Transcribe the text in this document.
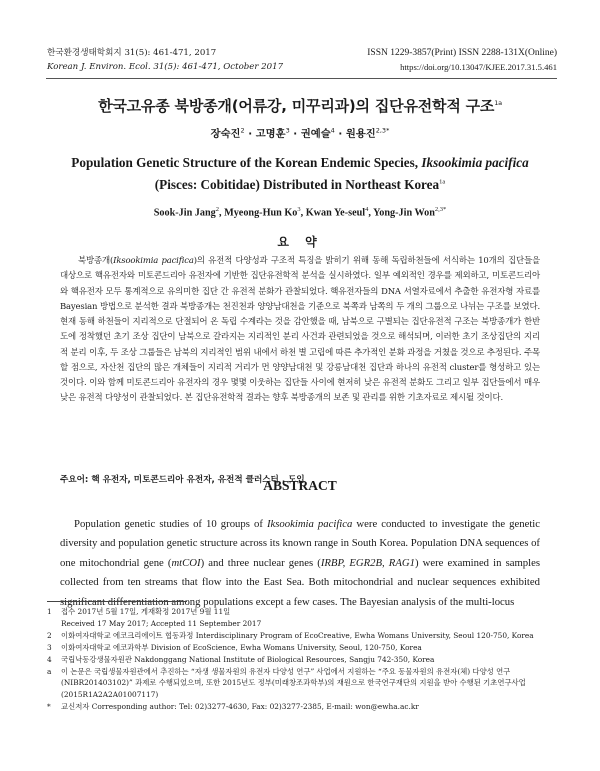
한국환경생태학회지 31(5): 461-471, 2017
Korean J. Environ. Ecol. 31(5): 461-471, October 2017
ISSN 1229-3857(Print) ISSN 2288-131X(Online)
https://doi.org/10.13047/KJEE.2017.31.5.461
한국고유종 북방종개(어류강, 미꾸리과)의 집단유전학적 구조$^{1a}$
장숙진$^2$ · 고명훈$^3$ · 권예슬$^4$ · 원용진$^{2,3*}$
Population Genetic Structure of the Korean Endemic Species, Iksookimia pacifica
(Pisces: Cobitidae) Distributed in Northeast Korea$^{1a}$
Sook-Jin Jang$^2$, Myeong-Hun Ko$^3$, Kwan Ye-seul$^4$, Yong-Jin Won$^{2,3*}$
요 약

북방종개(Iksookimia pacifica)의 유전적 다양성과 구조적 특징을 밝히기 위해 동해 독립하천들에 서식하는 10개의 집단들을 대상으로 핵유전자와 미토콘드리아 유전자에 기반한 집단유전학적 분석을 실시하였다. 일부 예외적인 경우를 제외하고, 미토콘드리아와 핵유전자 모두 통계적으로 유의미한 집단 간 유전적 분화가 관찰되었다. 핵유전자들의 DNA 서열자료에서 추출한 유전자형 자료를 Bayesian 방법으로 분석한 결과 북방종개는 천진천과 양양남대천을 기준으로 북쪽과 남쪽의 두 개의 그룹으로 나뉘는 구조를 보였다. 현재 동해 하천들이 지리적으로 단절되어 온 독립 수계라는 것을 감안했을 때, 남북으로 구별되는 집단유전적 구조는 북방종개가 한반도에 정착했던 초기 조상 집단이 남북으로 갈라지는 지리적인 분리 사건과 관련되었을 것으로 해석되며, 이러한 초기 조상집단의 지리적 분리 이후, 두 조상 그룹들은 남북의 지리적인 범위 내에서 하천 별 고립에 따른 추가적인 분화 과정을 거쳤을 것으로 추정된다. 주목할 점으로, 자산천 집단의 많은 개체들이 지리적 거리가 먼 양양남대천 및 강릉남대천 집단과 하나의 유전적 cluster를 형성하고 있는 것이다. 이와 함께 미토콘드리아 유전자의 경우 몇몇 이웃하는 집단들 사이에 현저히 낮은 유전적 분화도 그리고 일부 집단들에서 매우 낮은 유전적 다양성이 관찰되었다. 본 집단유전학적 결과는 향후 북방종개의 보존 및 관리를 위한 기초자료로 제시될 것이다.

주요어: 핵 유전자, 미토콘드리아 유전자, 유전적 클러스터 , 도입
ABSTRACT

Population genetic studies of 10 groups of Iksookimia pacifica were conducted to investigate the genetic diversity and population genetic structure across its known range in South Korea. Population DNA sequences of one mitochondrial gene (mtCOI) and three nuclear genes (IRBP, EGR2B, RAG1) were examined in samples collected from ten streams that flow into the East Sea. Both mitochondrial and nuclear sequences exhibited significant differentiation among populations except a few cases. The Bayesian analysis of the multi-locus

1	접수 2017년 5월 17일, 게재확정 2017년 9월 11일
Received 17 May 2017; Accepted 11 September 2017
2	이화여자대학교 에코크리에이트 협동과정 Interdisciplinary Program of EcoCreative, Ewha Womans University, Seoul 120-750, Korea
3	이화여자대학교 에코과학부 Division of EcoScience, Ewha Womans University, Seoul, 120-750, Korea
4	국립낙동강생물자원관 Nakdonggang National Institute of Biological Resources, Sangju 742-350, Korea
a	이 논문은 국립생물자원관에서 추진하는 “자생 생물자원의 유전자 다양성 연구” 사업에서 지원하는 “주요 동물자원의 유전자(체) 다양성 연구(NIBR201403102)” 과제로 수행되었으며, 또한 2015년도 정부(미래창조과학부)의 재원으로 한국연구재단의 지원을 받아 수행된 기초연구사업(2015R1A2A2A01007117)
*	교신저자 Corresponding author: Tel: 02)3277-4630, Fax: 02)3277-2385, E-mail: won@ewha.ac.kr
